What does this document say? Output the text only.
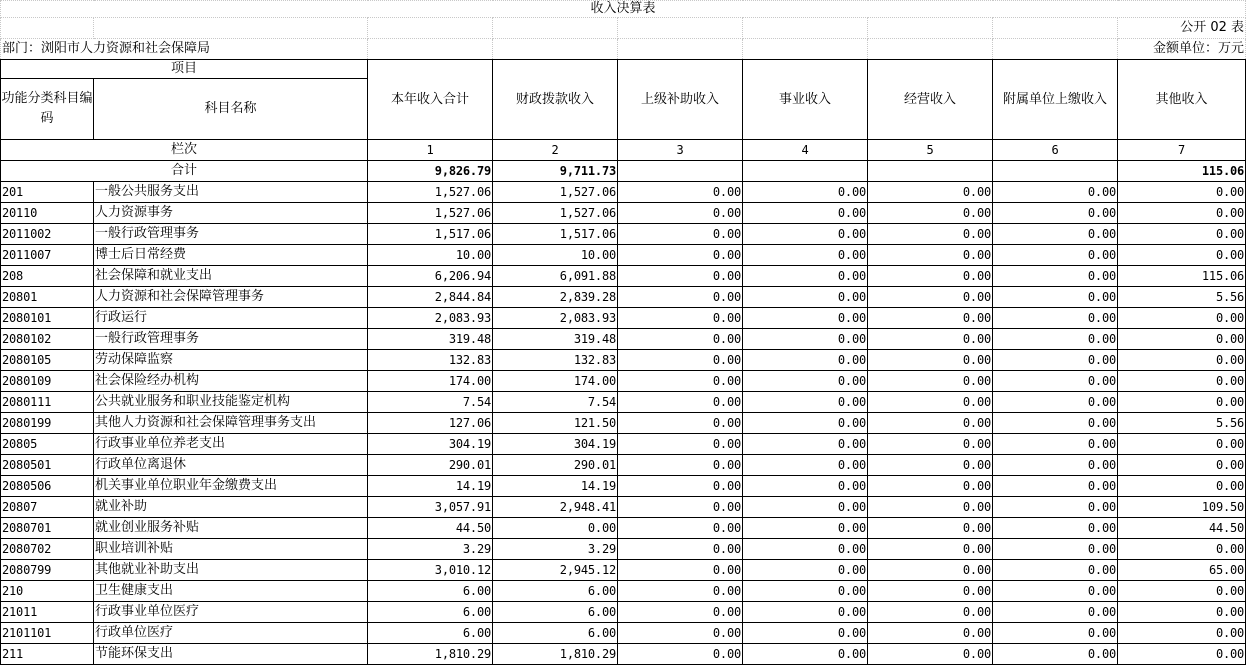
收入决算表								

								公开 02 表
部门：浏阳市人力资源和社会保障局								金额单位：万元
项目		本年收入合计	财政拨款收入	上级补助收入	事业收入	经营收入	附属单位上缴收入	其他收入
功能分类科目编码	科目名称							
栏次		1	2	3	4	5	6	7
合计		9,826.79	9,711.73					115.06
201	一般公共服务支出	1,527.06	1,527.06	0.00	0.00	0.00	0.00	0.00
20110	人力资源事务	1,527.06	1,527.06	0.00	0.00	0.00	0.00	0.00
2011002	一般行政管理事务	1,517.06	1,517.06	0.00	0.00	0.00	0.00	0.00
2011007	博士后日常经费	10.00	10.00	0.00	0.00	0.00	0.00	0.00
208	社会保障和就业支出	6,206.94	6,091.88	0.00	0.00	0.00	0.00	115.06
20801	人力资源和社会保障管理事务	2,844.84	2,839.28	0.00	0.00	0.00	0.00	5.56
2080101	行政运行	2,083.93	2,083.93	0.00	0.00	0.00	0.00	0.00
2080102	一般行政管理事务	319.48	319.48	0.00	0.00	0.00	0.00	0.00
2080105	劳动保障监察	132.83	132.83	0.00	0.00	0.00	0.00	0.00
2080109	社会保险经办机构	174.00	174.00	0.00	0.00	0.00	0.00	0.00
2080111	公共就业服务和职业技能鉴定机构	7.54	7.54	0.00	0.00	0.00	0.00	0.00
2080199	其他人力资源和社会保障管理事务支出	127.06	121.50	0.00	0.00	0.00	0.00	5.56
20805	行政事业单位养老支出	304.19	304.19	0.00	0.00	0.00	0.00	0.00
2080501	行政单位离退休	290.01	290.01	0.00	0.00	0.00	0.00	0.00
2080506	机关事业单位职业年金缴费支出	14.19	14.19	0.00	0.00	0.00	0.00	0.00
20807	就业补助	3,057.91	2,948.41	0.00	0.00	0.00	0.00	109.50
2080701	就业创业服务补贴	44.50	0.00	0.00	0.00	0.00	0.00	44.50
2080702	职业培训补贴	3.29	3.29	0.00	0.00	0.00	0.00	0.00
2080799	其他就业补助支出	3,010.12	2,945.12	0.00	0.00	0.00	0.00	65.00
210	卫生健康支出	6.00	6.00	0.00	0.00	0.00	0.00	0.00
21011	行政事业单位医疗	6.00	6.00	0.00	0.00	0.00	0.00	0.00
2101101	行政单位医疗	6.00	6.00	0.00	0.00	0.00	0.00	0.00
211	节能环保支出	1,810.29	1,810.29	0.00	0.00	0.00	0.00	0.00
